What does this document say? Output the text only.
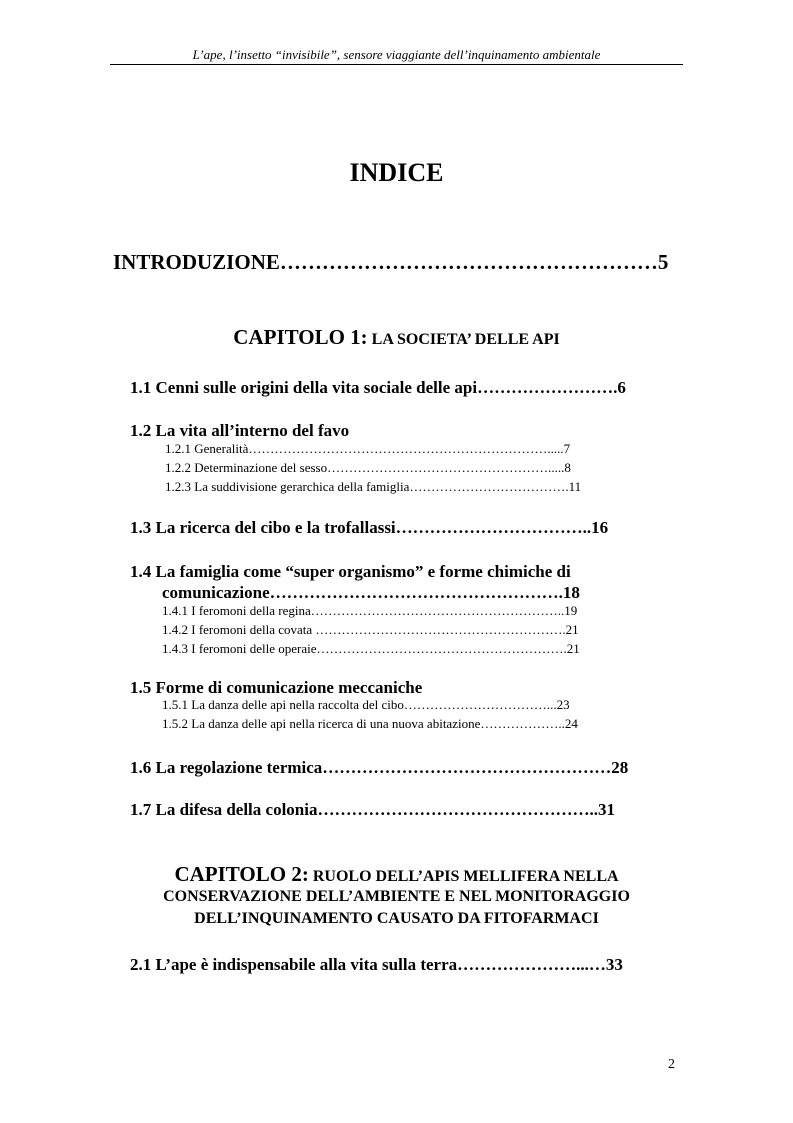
L’ape, l’insetto “invisibile”, sensore viaggiante dell’inquinamento ambientale
INDICE
INTRODUZIONE………………………………………………5
CAPITOLO 1: LA SOCIETA’ DELLE API
1.1 Cenni sulle origini della vita sociale delle api…………………….6
1.2 La vita all’interno del favo
1.2.1 Generalità…………………………………………………………….....7
1.2.2 Determinazione del sesso…………………………………………….....8
1.2.3 La suddivisione gerarchica della famiglia……………………………….11
1.3 La ricerca del cibo e la trofallassi……………………………..16
1.4 La famiglia come “super organismo” e forme chimiche di
comunicazione…………………………………………….18
1.4.1 I feromoni della regina…………………………………………………..19
1.4.2 I feromoni della covata ………………………………………………….21
1.4.3 I feromoni delle operaie………………………………………………….21
1.5 Forme di comunicazione meccaniche
1.5.1 La danza delle api nella raccolta del cibo……………………………...23
1.5.2 La danza delle api nella ricerca di una nuova abitazione………………..24
1.6 La regolazione termica……………………………………………28
1.7 La difesa della colonia…………………………………………..31
CAPITOLO 2: RUOLO DELL’APIS MELLIFERA NELLA
CONSERVAZIONE DELL’AMBIENTE E NEL MONITORAGGIO
DELL’INQUINAMENTO CAUSATO DA FITOFARMACI
2.1 L’ape è indispensabile alla vita sulla terra…………………...…33
2
